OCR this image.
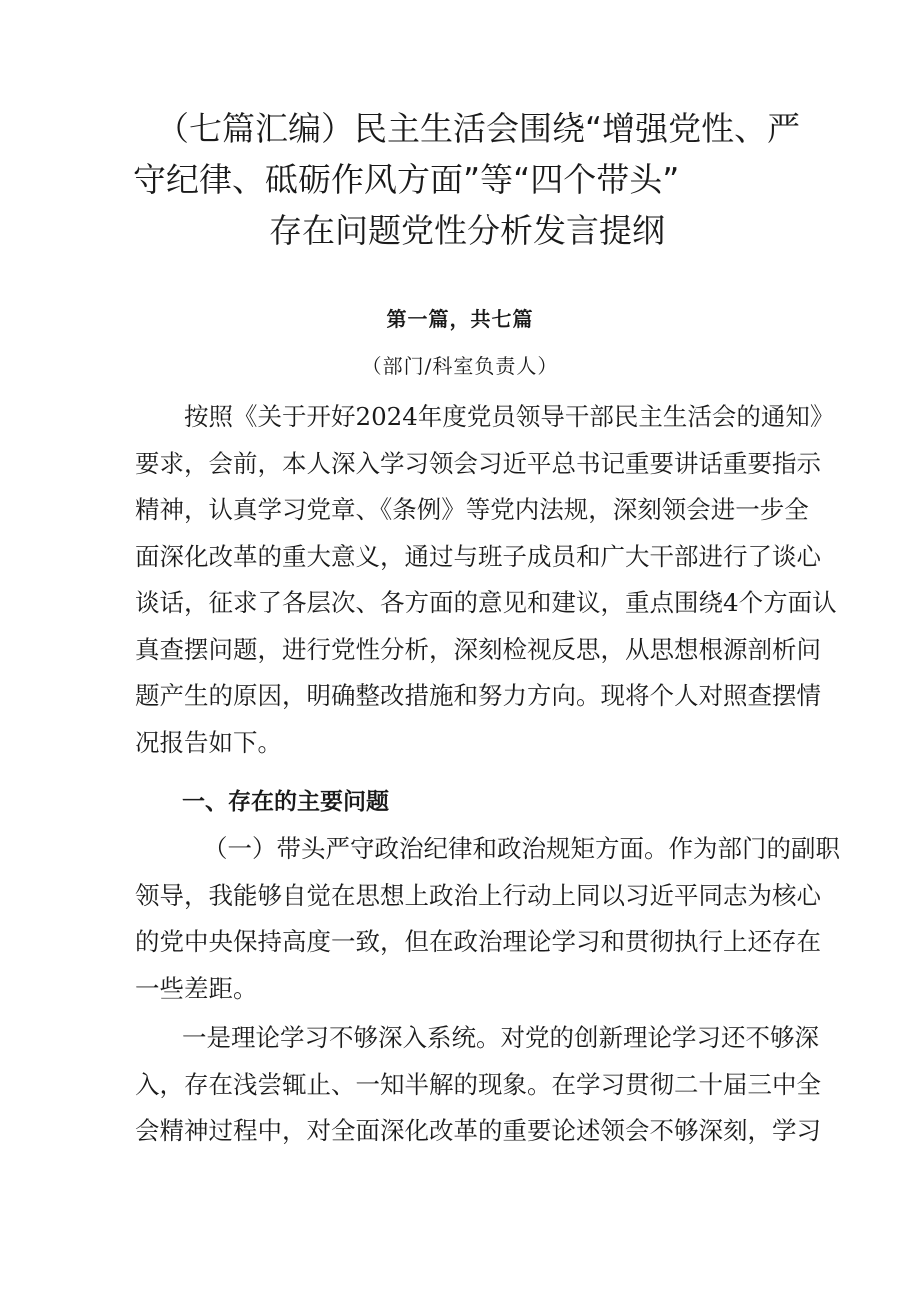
（七篇汇编）民主生活会围绕“增强党性、严
守纪律、砥砺作风方面”等“四个带头”
存在问题党性分析发言提纲
第一篇，共七篇
（部门/科室负责人）
按照《关于开好2024年度党员领导干部民主生活会的通知》
要求，会前，本人深入学习领会习近平总书记重要讲话重要指示
精神，认真学习党章、《条例》等党内法规，深刻领会进一步全
面深化改革的重大意义，通过与班子成员和广大干部进行了谈心
谈话，征求了各层次、各方面的意见和建议，重点围绕4个方面认
真查摆问题，进行党性分析，深刻检视反思，从思想根源剖析问
题产生的原因，明确整改措施和努力方向。现将个人对照查摆情
况报告如下。
一、存在的主要问题
（一）带头严守政治纪律和政治规矩方面。作为部门的副职
领导，我能够自觉在思想上政治上行动上同以习近平同志为核心
的党中央保持高度一致，但在政治理论学习和贯彻执行上还存在
一些差距。
一是理论学习不够深入系统。对党的创新理论学习还不够深
入，存在浅尝辄止、一知半解的现象。在学习贯彻二十届三中全
会精神过程中，对全面深化改革的重要论述领会不够深刻，学习
